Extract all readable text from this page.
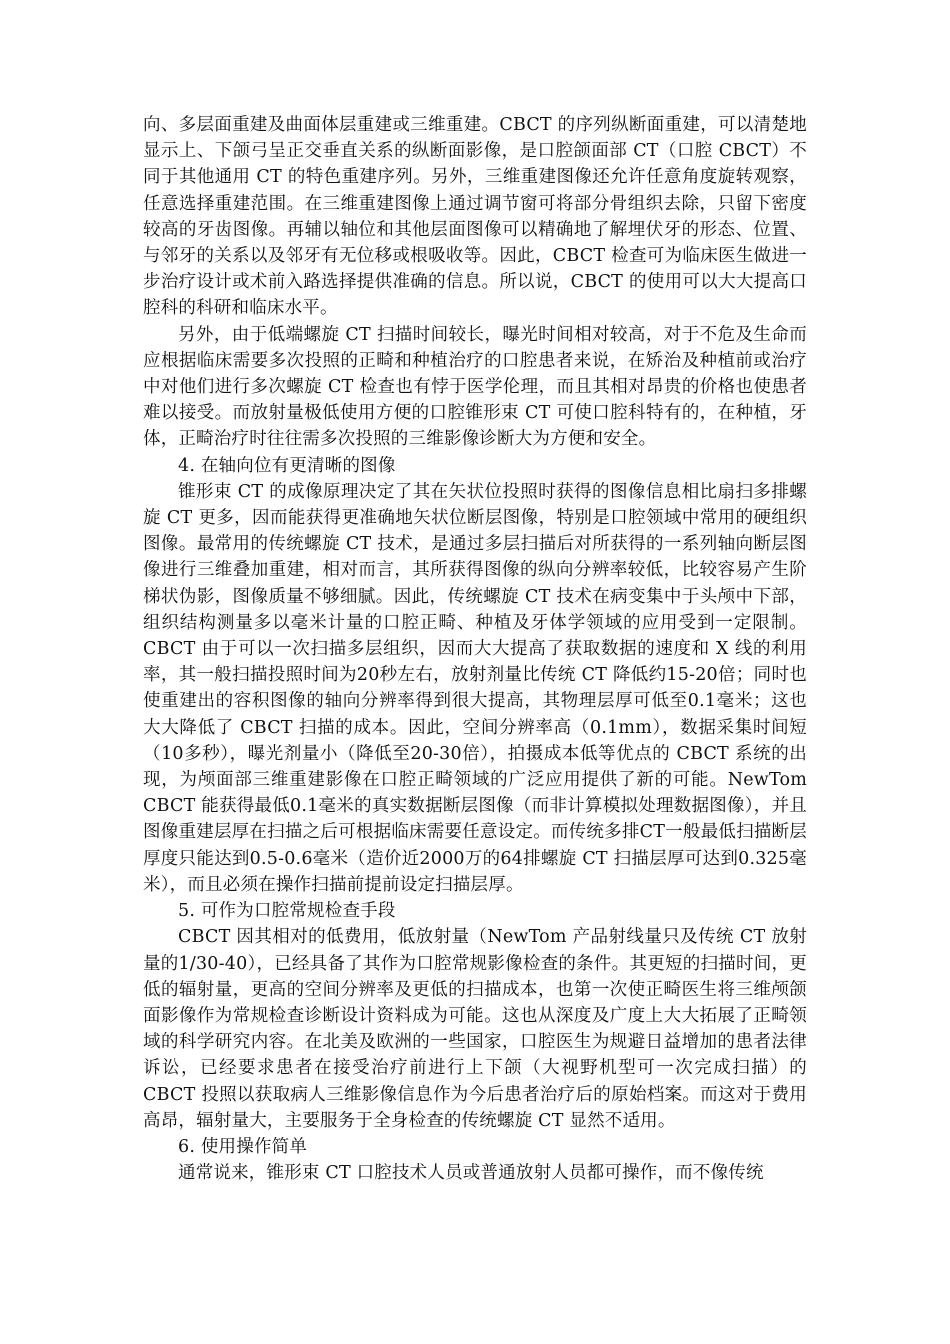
向、多层面重建及曲面体层重建或三维重建。CBCT 的序列纵断面重建，可以清楚地显示上、下颌弓呈正交垂直关系的纵断面影像，是口腔颌面部 CT（口腔 CBCT）不同于其他通用 CT 的特色重建序列。另外，三维重建图像还允许任意角度旋转观察，任意选择重建范围。在三维重建图像上通过调节窗可将部分骨组织去除，只留下密度较高的牙齿图像。再辅以轴位和其他层面图像可以精确地了解埋伏牙的形态、位置、与邻牙的关系以及邻牙有无位移或根吸收等。因此，CBCT 检查可为临床医生做进一步治疗设计或术前入路选择提供准确的信息。所以说，CBCT 的使用可以大大提高口腔科的科研和临床水平。

另外，由于低端螺旋 CT 扫描时间较长，曝光时间相对较高，对于不危及生命而应根据临床需要多次投照的正畸和种植治疗的口腔患者来说，在矫治及种植前或治疗中对他们进行多次螺旋 CT 检查也有悖于医学伦理，而且其相对昂贵的价格也使患者难以接受。而放射量极低使用方便的口腔锥形束 CT 可使口腔科特有的，在种植，牙体，正畸治疗时往往需多次投照的三维影像诊断大为方便和安全。

4. 在轴向位有更清晰的图像

锥形束 CT 的成像原理决定了其在矢状位投照时获得的图像信息相比扇扫多排螺旋 CT 更多，因而能获得更准确地矢状位断层图像，特别是口腔领域中常用的硬组织图像。最常用的传统螺旋 CT 技术，是通过多层扫描后对所获得的一系列轴向断层图像进行三维叠加重建，相对而言，其所获得图像的纵向分辨率较低，比较容易产生阶梯状伪影，图像质量不够细腻。因此，传统螺旋 CT 技术在病变集中于头颅中下部，组织结构测量多以毫米计量的口腔正畸、种植及牙体学领域的应用受到一定限制。CBCT 由于可以一次扫描多层组织，因而大大提高了获取数据的速度和 X 线的利用率，其一般扫描投照时间为20秒左右，放射剂量比传统 CT 降低约15-20倍；同时也使重建出的容积图像的轴向分辨率得到很大提高，其物理层厚可低至0.1毫米；这也大大降低了 CBCT 扫描的成本。因此，空间分辨率高（0.1mm），数据采集时间短（10多秒），曝光剂量小（降低至20-30倍），拍摄成本低等优点的 CBCT 系统的出现，为颅面部三维重建影像在口腔正畸领域的广泛应用提供了新的可能。NewTom CBCT 能获得最低0.1毫米的真实数据断层图像（而非计算模拟处理数据图像），并且图像重建层厚在扫描之后可根据临床需要任意设定。而传统多排CT一般最低扫描断层厚度只能达到0.5-0.6毫米（造价近2000万的64排螺旋 CT 扫描层厚可达到0.325毫米），而且必须在操作扫描前提前设定扫描层厚。

5. 可作为口腔常规检查手段

CBCT 因其相对的低费用，低放射量（NewTom 产品射线量只及传统 CT 放射量的1/30-40），已经具备了其作为口腔常规影像检查的条件。其更短的扫描时间，更低的辐射量，更高的空间分辨率及更低的扫描成本，也第一次使正畸医生将三维颅颌面影像作为常规检查诊断设计资料成为可能。这也从深度及广度上大大拓展了正畸领域的科学研究内容。在北美及欧洲的一些国家，口腔医生为规避日益增加的患者法律诉讼，已经要求患者在接受治疗前进行上下颌（大视野机型可一次完成扫描）的 CBCT 投照以获取病人三维影像信息作为今后患者治疗后的原始档案。而这对于费用高昂，辐射量大，主要服务于全身检查的传统螺旋 CT 显然不适用。

6. 使用操作简单

通常说来，锥形束 CT 口腔技术人员或普通放射人员都可操作，而不像传统
